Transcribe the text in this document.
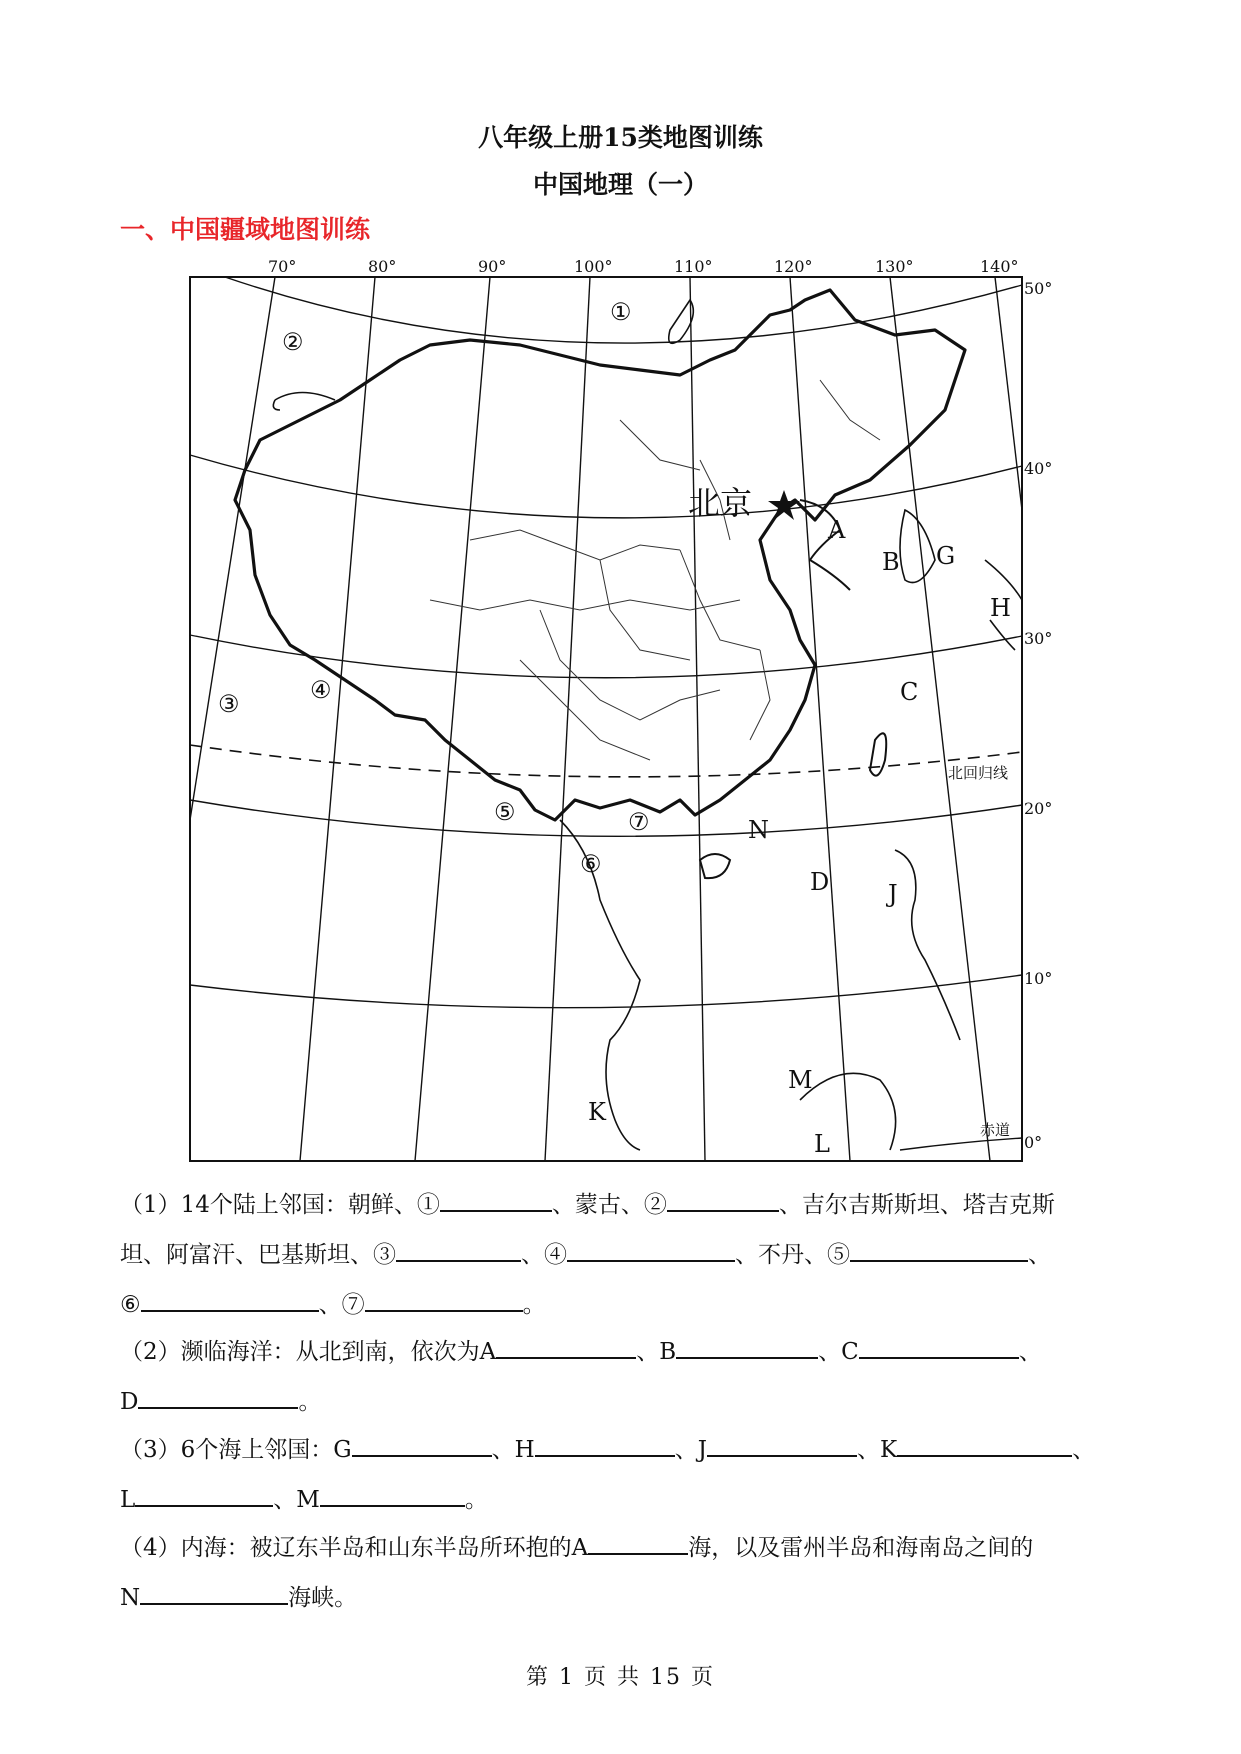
八年级上册15类地图训练
中国地理（一）
一、中国疆域地图训练
北京
北回归线
赤道
70°	80°	90°	100°	110°	120°	130°	140°
50°
40°
30°
20°
10°
0°
①
②
③	④
⑤
⑥
⑦
A
B
C
D
G
H
J
K
L
M
N
（1）14个陆上邻国：朝鲜、①	、蒙古、②	、吉尔吉斯斯坦、塔吉克斯
坦、阿富汗、巴基斯坦、③	、④	、不丹、⑤	、
⑥	、⑦	。
（2）濒临海洋：从北到南，依次为A	、B	、C	、
D	。
（3）6个海上邻国：G	、H	、J	、K	、
L	、M	。
（4）内海：被辽东半岛和山东半岛所环抱的A	海，以及雷州半岛和海南岛之间的
N	海峡。
第 1 页 共 15 页
